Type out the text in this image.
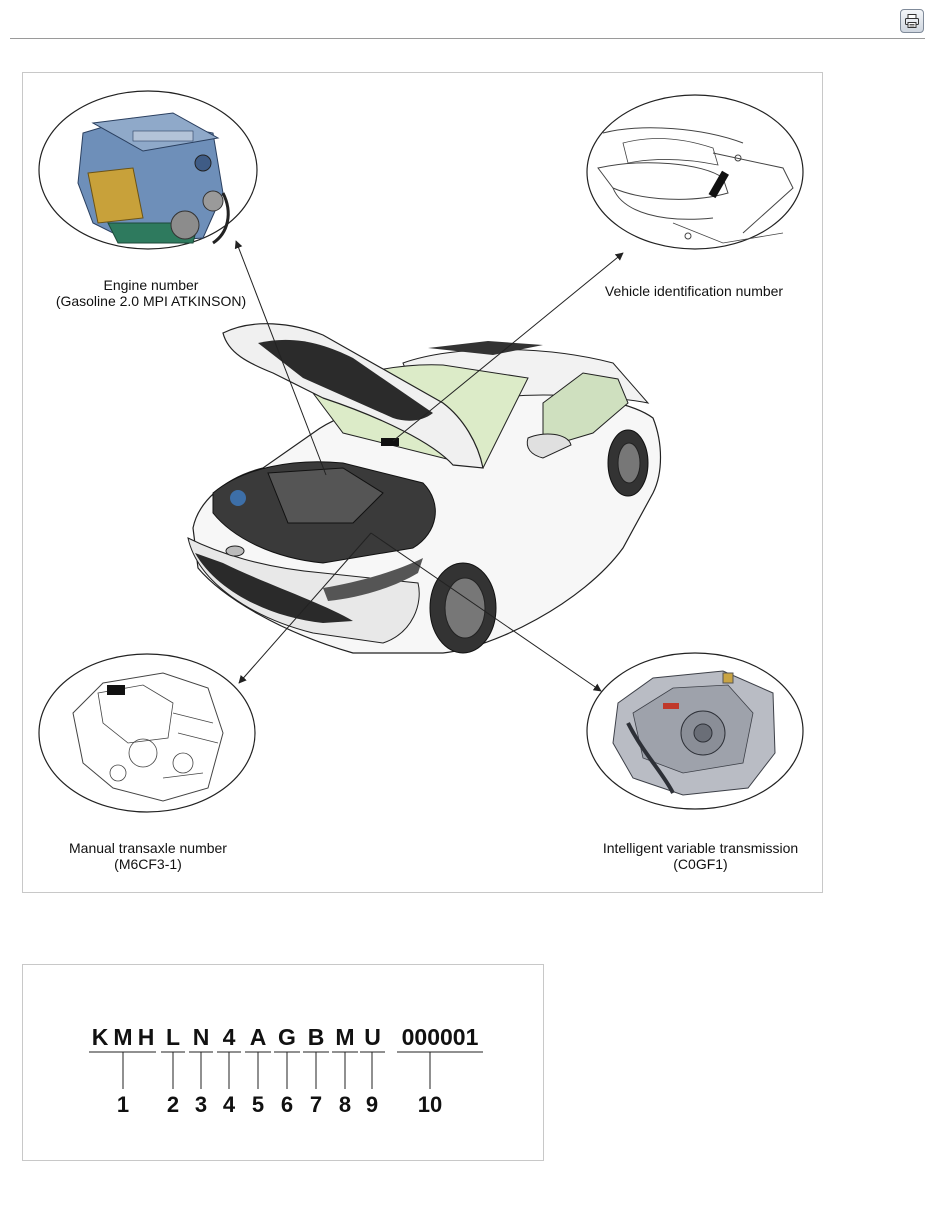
Engine number
(Gasoline 2.0 MPI ATKINSON)
Vehicle identification number
Manual transaxle number
(M6CF3-1)
Intelligent variable transmission
(C0GF1)
K M H L N 4 A G B M U 000001
1	2 3 4 5 6 7 8 9	10
